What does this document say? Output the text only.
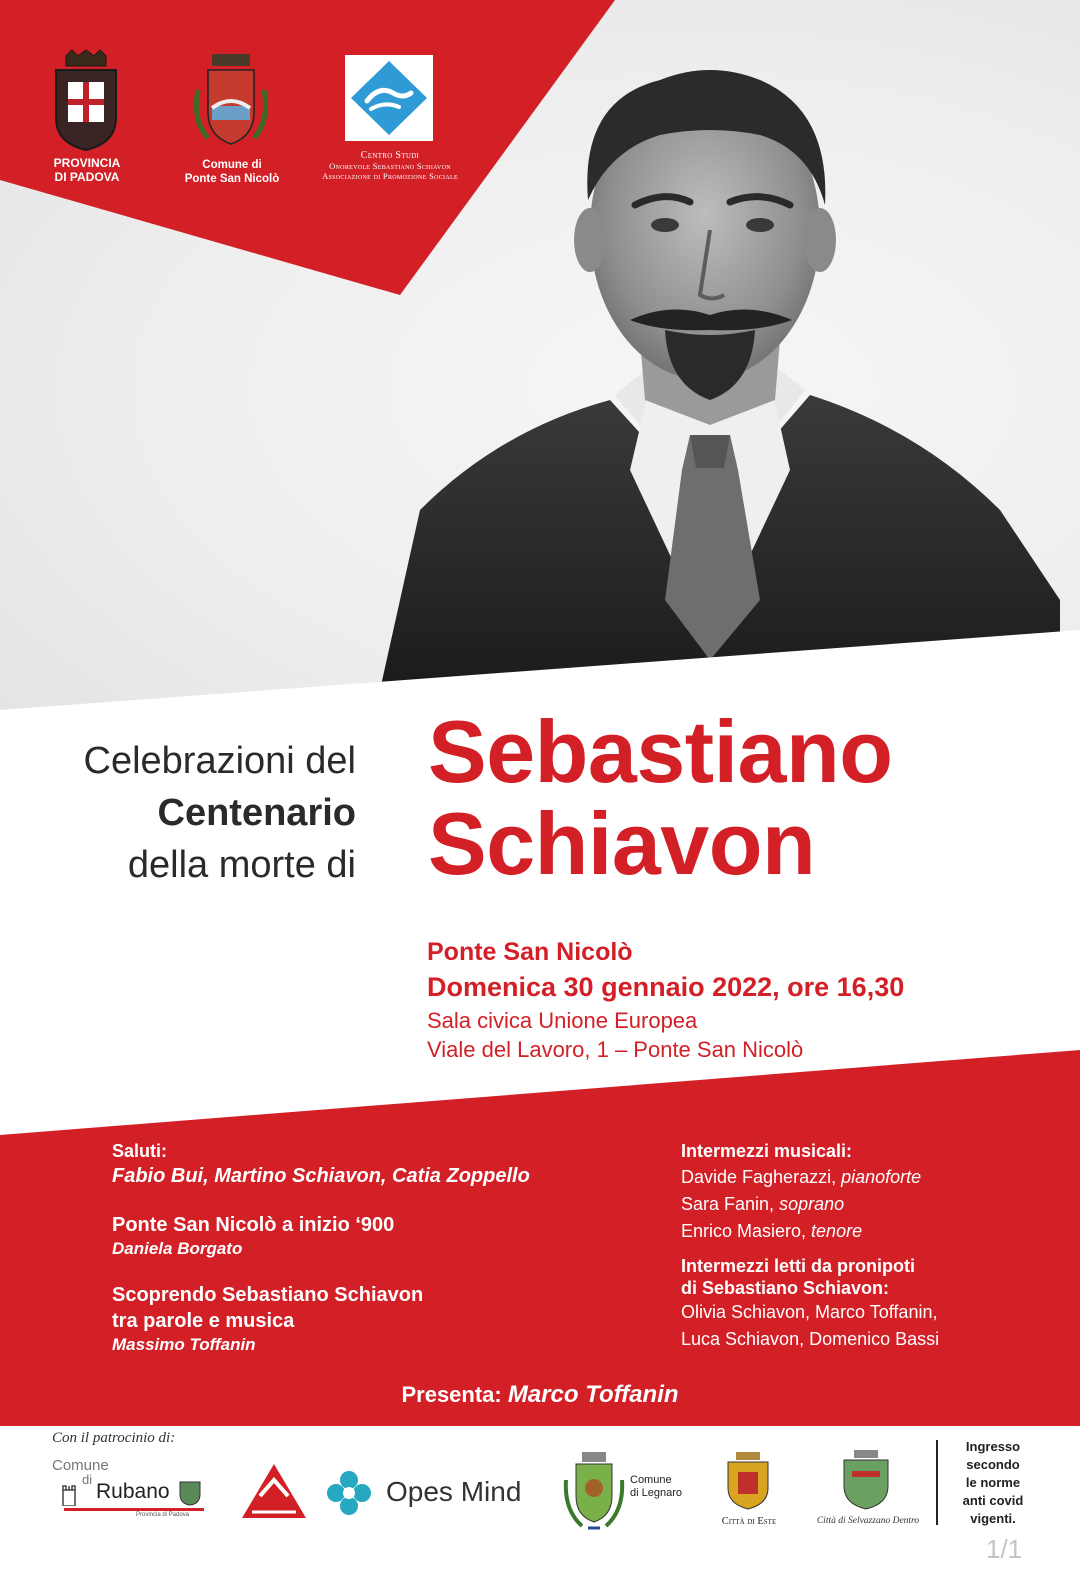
PROVINCIA
DI PADOVA
Comune di
Ponte San Nicolò
Centro Studi
Onorevole Sebastiano Schiavon
Associazione di Promozione Sociale
Celebrazioni del
Centenario
della morte di
Sebastiano
Schiavon
Ponte San Nicolò
Domenica 30 gennaio 2022, ore 16,30
Sala civica Unione Europea
Viale del Lavoro, 1 – Ponte San Nicolò
Saluti:
Fabio Bui, Martino Schiavon, Catia Zoppello
Ponte San Nicolò a inizio ‘900
Daniela Borgato
Scoprendo Sebastiano Schiavon
tra parole e musica
Massimo Toffanin
Intermezzi musicali:
Davide Fagherazzi, pianoforte
Sara Fanin, soprano
Enrico Masiero, tenore
Intermezzi letti da pronipoti
di Sebastiano Schiavon:
Olivia Schiavon, Marco Toffanin,
Luca Schiavon, Domenico Bassi
Presenta: Marco Toffanin
Con il patrocinio di:
Comune
di
Rubano
Provincia di Padova
Opes Mind	Comune
di Legnaro
Città di Este	Città di Selvazzano Dentro
Ingresso
secondo
le norme
anti covid
vigenti.
1/1
